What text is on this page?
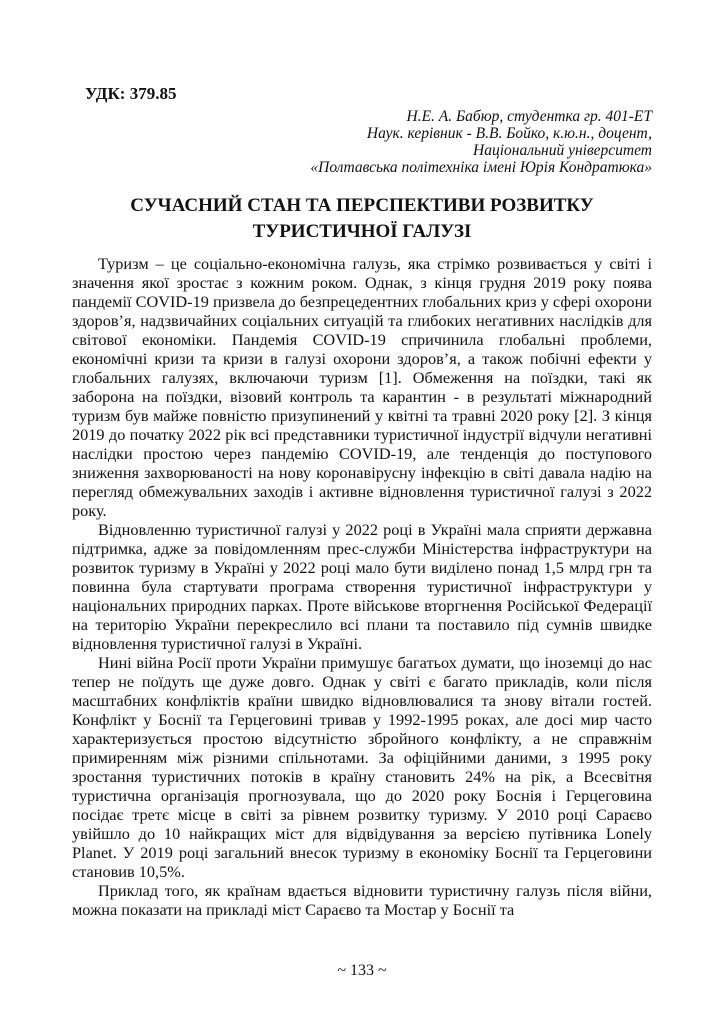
УДК: 379.85
Н.Е. А. Бабюр, студентка гр. 401-ЕТ
Наук. керівник - В.В. Бойко, к.ю.н., доцент,
Національний університет
«Полтавська політехніка імені Юрія Кондратюка»
СУЧАСНИЙ СТАН ТА ПЕРСПЕКТИВИ РОЗВИТКУ ТУРИСТИЧНОЇ ГАЛУЗІ

Туризм – це соціально-економічна галузь, яка стрімко розвивається у світі і значення якої зростає з кожним роком. Однак, з кінця грудня 2019 року поява пандемії COVID-19 призвела до безпрецедентних глобальних криз у сфері охорони здоров’я, надзвичайних соціальних ситуацій та глибоких негативних наслідків для світової економіки. Пандемія COVID-19 спричинила глобальні проблеми, економічні кризи та кризи в галузі охорони здоров’я, а також побічні ефекти у глобальних галузях, включаючи туризм [1]. Обмеження на поїздки, такі як заборона на поїздки, візовий контроль та карантин - в результаті міжнародний туризм був майже повністю призупинений у квітні та травні 2020 року [2]. З кінця 2019 до початку 2022 рік всі представники туристичної індустрії відчули негативні наслідки простою через пандемію COVID-19, але тенденція до поступового зниження захворюваності на нову коронавірусну інфекцію в світі давала надію на перегляд обмежувальних заходів і активне відновлення туристичної галузі з 2022 року.

Відновленню туристичної галузі у 2022 році в Україні мала сприяти державна підтримка, адже за повідомленням прес-служби Міністерства інфраструктури на розвиток туризму в Україні у 2022 році мало бути виділено понад 1,5 млрд грн та повинна була стартувати програма створення туристичної інфраструктури у національних природних парках. Проте військове вторгнення Російської Федерації на територію України перекреслило всі плани та поставило під сумнів швидке відновлення туристичної галузі в Україні.

Нині війна Росії проти України примушує багатьох думати, що іноземці до нас тепер не поїдуть ще дуже довго. Однак у світі є багато прикладів, коли після масштабних конфліктів країни швидко відновлювалися та знову вітали гостей. Конфлікт у Боснії та Герцеговині тривав у 1992-1995 роках, але досі мир часто характеризується простою відсутністю збройного конфлікту, а не справжнім примиренням між різними спільнотами. За офіційними даними, з 1995 року зростання туристичних потоків в країну становить 24% на рік, а Всесвітня туристична організація прогнозувала, що до 2020 року Боснія і Герцеговина посідає третє місце в світі за рівнем розвитку туризму. У 2010 році Сараєво увійшло до 10 найкращих міст для відвідування за версією путівника Lonely Planet. У 2019 році загальний внесок туризму в економіку Боснії та Герцеговини становив 10,5%.

Приклад того, як країнам вдається відновити туристичну галузь після війни, можна показати на прикладі міст Сараєво та Мостар у Боснії та

~ 133 ~
